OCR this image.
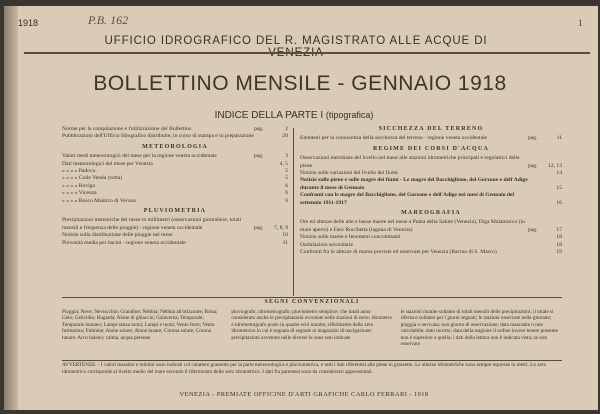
1918	P.B. 162	1
UFFICIO IDROGRAFICO DEL R. MAGISTRATO ALLE ACQUE DI
BOLLETTINO MENSILE - GENNAIO 1918
INDICE DELLA PARTE I (tipografica)
Norme per la compilazione e l'utilizzazione del Bollettino	pag.	2
Pubblicazioni dell'Ufficio Idrografico distribuite, in corso di stampa e in preparazione	20
METEOROLOGIA
Valori medi meteorologici del mese per la regione veneta occidentale	pag.	3
Dati meteorologici del mese per Venezia	4, 5
» » » » Padova	5
» » » » Colle Venda (vetta)	5
» » » » Rovigo	6
» » » » Vicenza	6
» » » » Bosco Mantico di Verona	6
PLUVIOMETRIA
Precipitazioni meteoriche del mese in millimetri (osservazioni giornaliere, totali mensili e frequenza delle pioggie) - regione veneta occidentale	pag.	7, 8, 9
Notizie sulla distribuzione delle pioggie nel mese	10
Piovosità media per bacini - regione veneta occidentale	11
SICCHEZZA DEL TERRENO
Elementi per la conoscenza della secchezza del terreno - regione veneta occidentale	pag.	11
REGIME DEI CORSI D'ACQUA
Osservazioni meridiane del livello nel mese alle stazioni idrometriche principali e regolatrici delle piene	pag.	12, 13
Notizie sulle variazioni del livello dei fiumi	14
Notizie sulle piene e sulle magre dei fiumi - Le magre del Bacchiglione, del Gorzone e dell'Adige durante il mese di Gennaio	15
Confronti con le magre del Bacchiglione, del Gorzone e dell'Adige nei mesi di Gennaio del settennio 1911-1917	16
MAREOGRAFIA
Ore ed altezze delle alte e basse maree nel mese a Punta della Salute (Venezia), Diga Malamocco (in mare aperto) e Faro Rocchetta (laguna di Venezia)	pag.	17
Notizie sulle maree e fenomeni concomitanti	18
Ondulazioni secondarie	18
Confronti fra le altezze di marea previste ed osservate per Venezia (Bacino di S. Marco)	19
SEGNI CONVENZIONALI
Pioggia; Neve; Neviscchio; Grandine; Nebbia; Nebbia all'orizzonte; Brina; Gelo; Gelicidio; Rugiada; Alone di ghiaccio; Galaverna; Temporale; Temporale lontano; Lampi senza tuoni; Lampi e tuoni; Vento forte; Vento fortissimo; Fulmine; Alone solare; Alone lunare; Corona solare; Corona lunare; Arco baleno; calma, acqua perenne
pluviografo, idrometrografo; pluviometro semplice; che totali anno considerato anche le precipitazioni avvenute nelle stazioni di neve; idrometro e idrometrografo posto in quadra ed è munito; riferimento dello zero idrometrico in cui è segnata di segnale ai magazzini di navigazione; precipitazioni avvenute nelle diverse le zone non indicate
le stazioni munite soltanto di totali mensili delle precipitazioni; il totale si riferisce soltanto per i giorni segnati; le stazioni osservate nelle giornate; pioggia o nevicata; non giorno di osservazione; data mancante o non calcolabile; dato incerto; data della stagione il ordine invece tenere presente non è superiore a quella; i dati della lettura non è indicata vista; se non osservato
AVVERTENZE. - I valori massimi e minimi sono indicati col carattere grassetto per la parte meteorologica e pluviometrica, e tutti i dati riferentisi alle piene in grassetto. Le altezze idrometriche sono sempre espresse in metri. Lo zero idrometrico corrisponde al livello medio del mare secondo il riferimento dello zero idrometrico. I dati fra parentesi sono da considerarsi approssimati.
VENEZIA - PREMIATE OFFICINE D'ARTI GRAFICHE CARLO FERRARI - 1918
